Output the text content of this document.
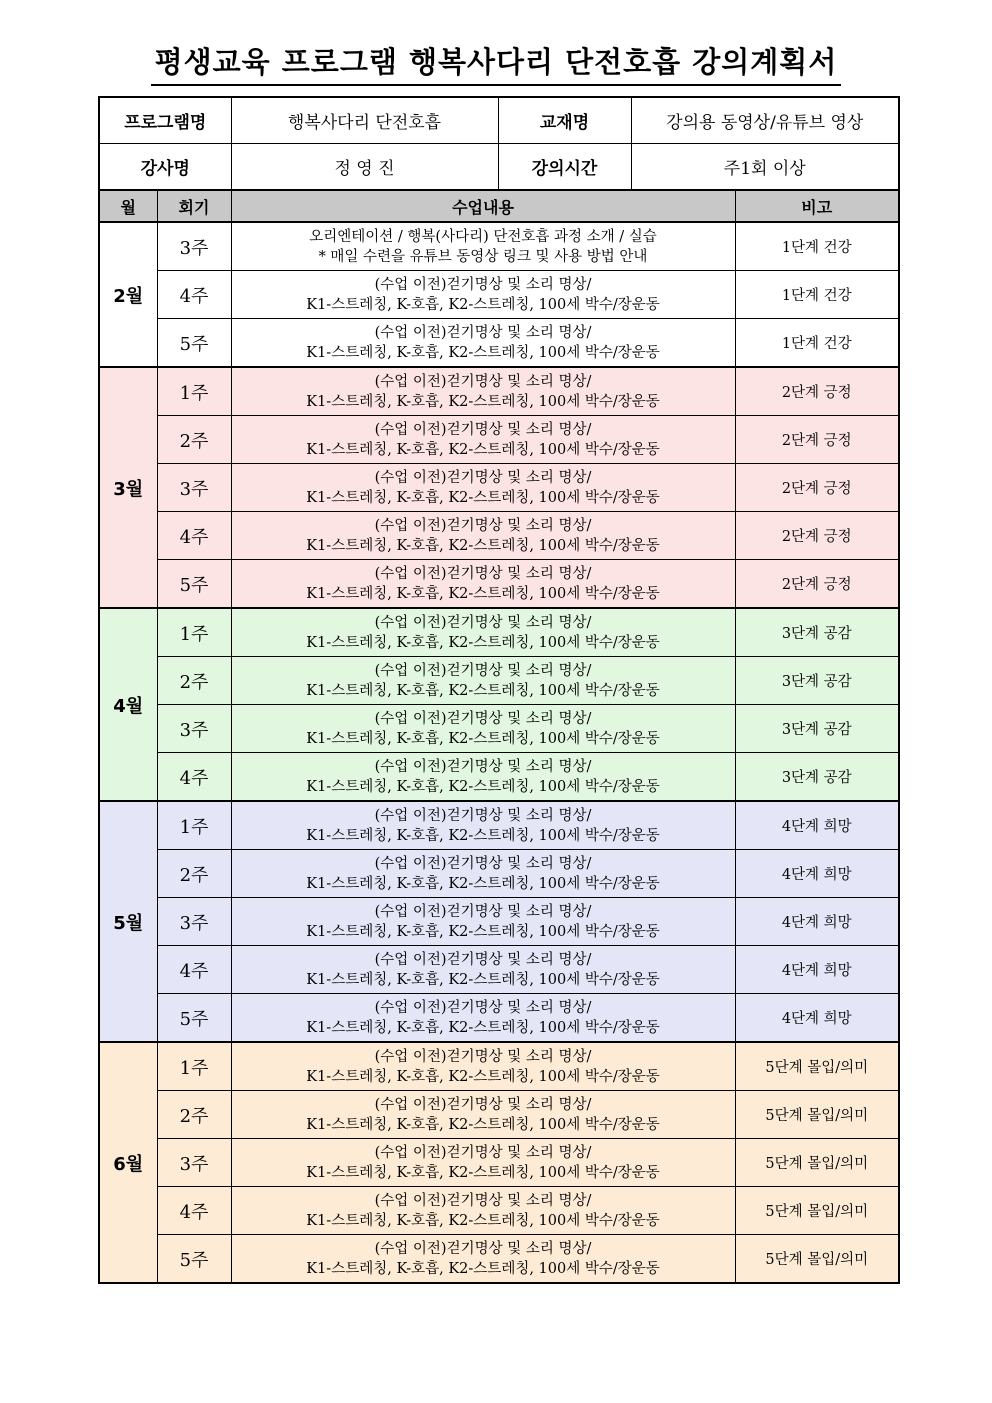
평생교육 프로그램 행복사다리 단전호흡 강의계획서
프로그램명		행복사다리 단전호흡	교재명	강의용 동영상/유튜브 영상	
강사명		정 영 진	강의시간	주1회 이상	
월	회기	수업내용			비고
2월	3주	오리엔테이션 / 행복(사다리) 단전호흡 과정 소개 / 실습
* 매일 수련을 유튜브 동영상 링크 및 사용 방법 안내			1단계 건강
	4주	(수업 이전)걷기명상 및 소리 명상/
K1-스트레칭, K-호흡, K2-스트레칭, 100세 박수/장운동			1단계 건강
	5주	(수업 이전)걷기명상 및 소리 명상/
K1-스트레칭, K-호흡, K2-스트레칭, 100세 박수/장운동			1단계 건강
3월	1주	(수업 이전)걷기명상 및 소리 명상/
K1-스트레칭, K-호흡, K2-스트레칭, 100세 박수/장운동			2단계 긍정
	2주	(수업 이전)걷기명상 및 소리 명상/
K1-스트레칭, K-호흡, K2-스트레칭, 100세 박수/장운동			2단계 긍정
	3주	(수업 이전)걷기명상 및 소리 명상/
K1-스트레칭, K-호흡, K2-스트레칭, 100세 박수/장운동			2단계 긍정
	4주	(수업 이전)걷기명상 및 소리 명상/
K1-스트레칭, K-호흡, K2-스트레칭, 100세 박수/장운동			2단계 긍정
	5주	(수업 이전)걷기명상 및 소리 명상/
K1-스트레칭, K-호흡, K2-스트레칭, 100세 박수/장운동			2단계 긍정
4월	1주	(수업 이전)걷기명상 및 소리 명상/
K1-스트레칭, K-호흡, K2-스트레칭, 100세 박수/장운동			3단계 공감
	2주	(수업 이전)걷기명상 및 소리 명상/
K1-스트레칭, K-호흡, K2-스트레칭, 100세 박수/장운동			3단계 공감
	3주	(수업 이전)걷기명상 및 소리 명상/
K1-스트레칭, K-호흡, K2-스트레칭, 100세 박수/장운동			3단계 공감
	4주	(수업 이전)걷기명상 및 소리 명상/
K1-스트레칭, K-호흡, K2-스트레칭, 100세 박수/장운동			3단계 공감
5월	1주	(수업 이전)걷기명상 및 소리 명상/
K1-스트레칭, K-호흡, K2-스트레칭, 100세 박수/장운동			4단계 희망
	2주	(수업 이전)걷기명상 및 소리 명상/
K1-스트레칭, K-호흡, K2-스트레칭, 100세 박수/장운동			4단계 희망
	3주	(수업 이전)걷기명상 및 소리 명상/
K1-스트레칭, K-호흡, K2-스트레칭, 100세 박수/장운동			4단계 희망
	4주	(수업 이전)걷기명상 및 소리 명상/
K1-스트레칭, K-호흡, K2-스트레칭, 100세 박수/장운동			4단계 희망
	5주	(수업 이전)걷기명상 및 소리 명상/
K1-스트레칭, K-호흡, K2-스트레칭, 100세 박수/장운동			4단계 희망
6월	1주	(수업 이전)걷기명상 및 소리 명상/
K1-스트레칭, K-호흡, K2-스트레칭, 100세 박수/장운동			5단계 몰입/의미
	2주	(수업 이전)걷기명상 및 소리 명상/
K1-스트레칭, K-호흡, K2-스트레칭, 100세 박수/장운동			5단계 몰입/의미
	3주	(수업 이전)걷기명상 및 소리 명상/
K1-스트레칭, K-호흡, K2-스트레칭, 100세 박수/장운동			5단계 몰입/의미
	4주	(수업 이전)걷기명상 및 소리 명상/
K1-스트레칭, K-호흡, K2-스트레칭, 100세 박수/장운동			5단계 몰입/의미
	5주	(수업 이전)걷기명상 및 소리 명상/
K1-스트레칭, K-호흡, K2-스트레칭, 100세 박수/장운동			5단계 몰입/의미
